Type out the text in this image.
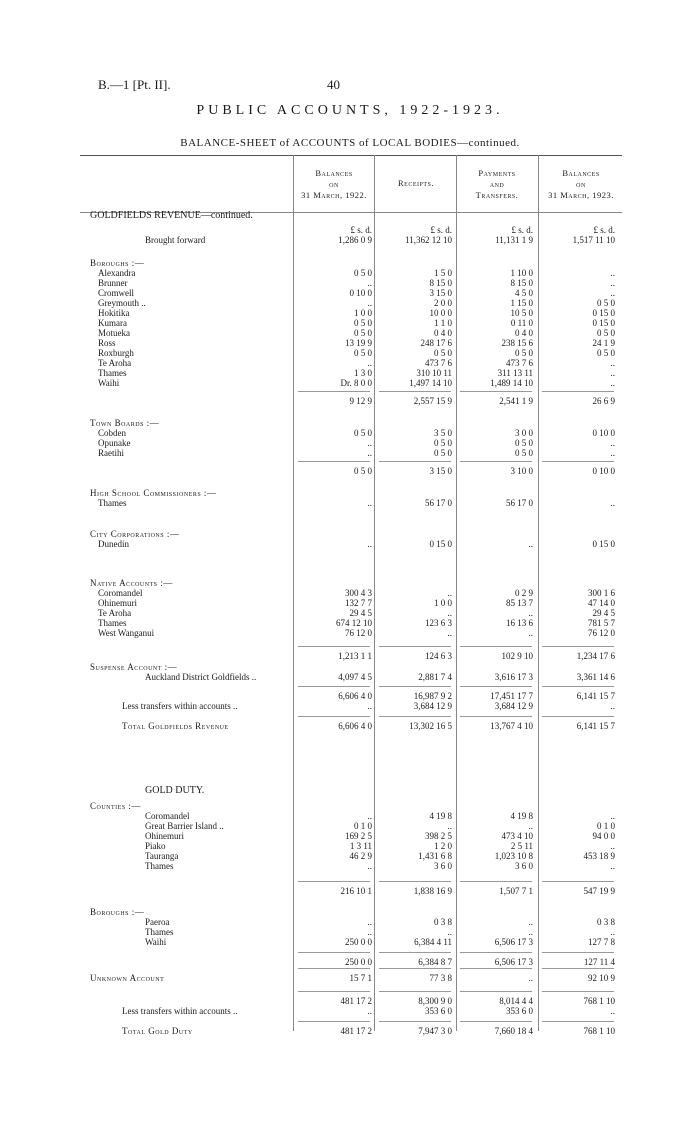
B.—1 [Pt. II].	40
PUBLIC ACCOUNTS, 1922-1923.
BALANCE-SHEET of ACCOUNTS of LOCAL BODIES—continued.
Balances
on
31 March, 1922.
Receipts.
Payments
and
Transfers.
Balances
on
31 March, 1923.
GOLDFIELDS REVENUE—continued.
GOLD DUTY.
£ s. d.	£ s. d.	£ s. d.	£ s. d.
Brought forward	1,286 0 9	11,362 12 10	11,131 1 9	1,517 11 10
Boroughs :—
Alexandra	0 5 0	1 5 0	1 10 0	..
Brunner	..	8 15 0	8 15 0	..
Cromwell	0 10 0	3 15 0	4 5 0	..
Greymouth ..	..	2 0 0	1 15 0	0 5 0
Hokitika	1 0 0	10 0 0	10 5 0	0 15 0
Kumara	0 5 0	1 1 0	0 11 0	0 15 0
Motueka	0 5 0	0 4 0	0 4 0	0 5 0
Ross	13 19 9	248 17 6	238 15 6	24 1 9
Roxburgh	0 5 0	0 5 0	0 5 0	0 5 0
Te Aroha	..	473 7 6	473 7 6	..
Thames	1 3 0	310 10 11	311 13 11	..
Waihi	Dr. 8 0 0	1,497 14 10	1,489 14 10	..
9 12 9	2,557 15 9	2,541 1 9	26 6 9
Town Boards :—
Cobden	0 5 0	3 5 0	3 0 0	0 10 0
Opunake	..	0 5 0	0 5 0	..
Raetihi	..	0 5 0	0 5 0	..
0 5 0	3 15 0	3 10 0	0 10 0
High School Commissioners :—
Thames	..	56 17 0	56 17 0	..
City Corporations :—
Dunedin	..	0 15 0	..	0 15 0
Native Accounts :—
Coromandel	300 4 3	..	0 2 9	300 1 6
Ohinemuri	132 7 7	1 0 0	85 13 7	47 14 0
Te Aroha	29 4 5	..	..	29 4 5
Thames	674 12 10	123 6 3	16 13 6	781 5 7
West Wanganui	76 12 0	..	..	76 12 0
1,213 1 1	124 6 3	102 9 10	1,234 17 6
Suspense Account :—
Auckland District Goldfields ..	4,097 4 5	2,881 7 4	3,616 17 3	3,361 14 6
6,606 4 0	16,987 9 2	17,451 17 7	6,141 15 7
Less transfers within accounts ..	..	3,684 12 9	3,684 12 9	..
Total Goldfields Revenue	6,606 4 0	13,302 16 5	13,767 4 10	6,141 15 7
Counties :—
Coromandel	..	4 19 8	4 19 8	..
Great Barrier Island ..	0 1 0	..	..	0 1 0
Ohinemuri	169 2 5	398 2 5	473 4 10	94 0 0
Piako	1 3 11	1 2 0	2 5 11	..
Tauranga	46 2 9	1,431 6 8	1,023 10 8	453 18 9
Thames	..	3 6 0	3 6 0	..
216 10 1	1,838 16 9	1,507 7 1	547 19 9
Boroughs :—
Paeroa	..	0 3 8	..	0 3 8
Thames	..	..	..	..
Waihi	250 0 0	6,384 4 11	6,506 17 3	127 7 8
250 0 0	6,384 8 7	6,506 17 3	127 11 4
Unknown Account	15 7 1	77 3 8	..	92 10 9
481 17 2	8,300 9 0	8,014 4 4	768 1 10
Less transfers within accounts ..	..	353 6 0	353 6 0	..
Total Gold Duty	481 17 2	7,947 3 0	7,660 18 4	768 1 10
